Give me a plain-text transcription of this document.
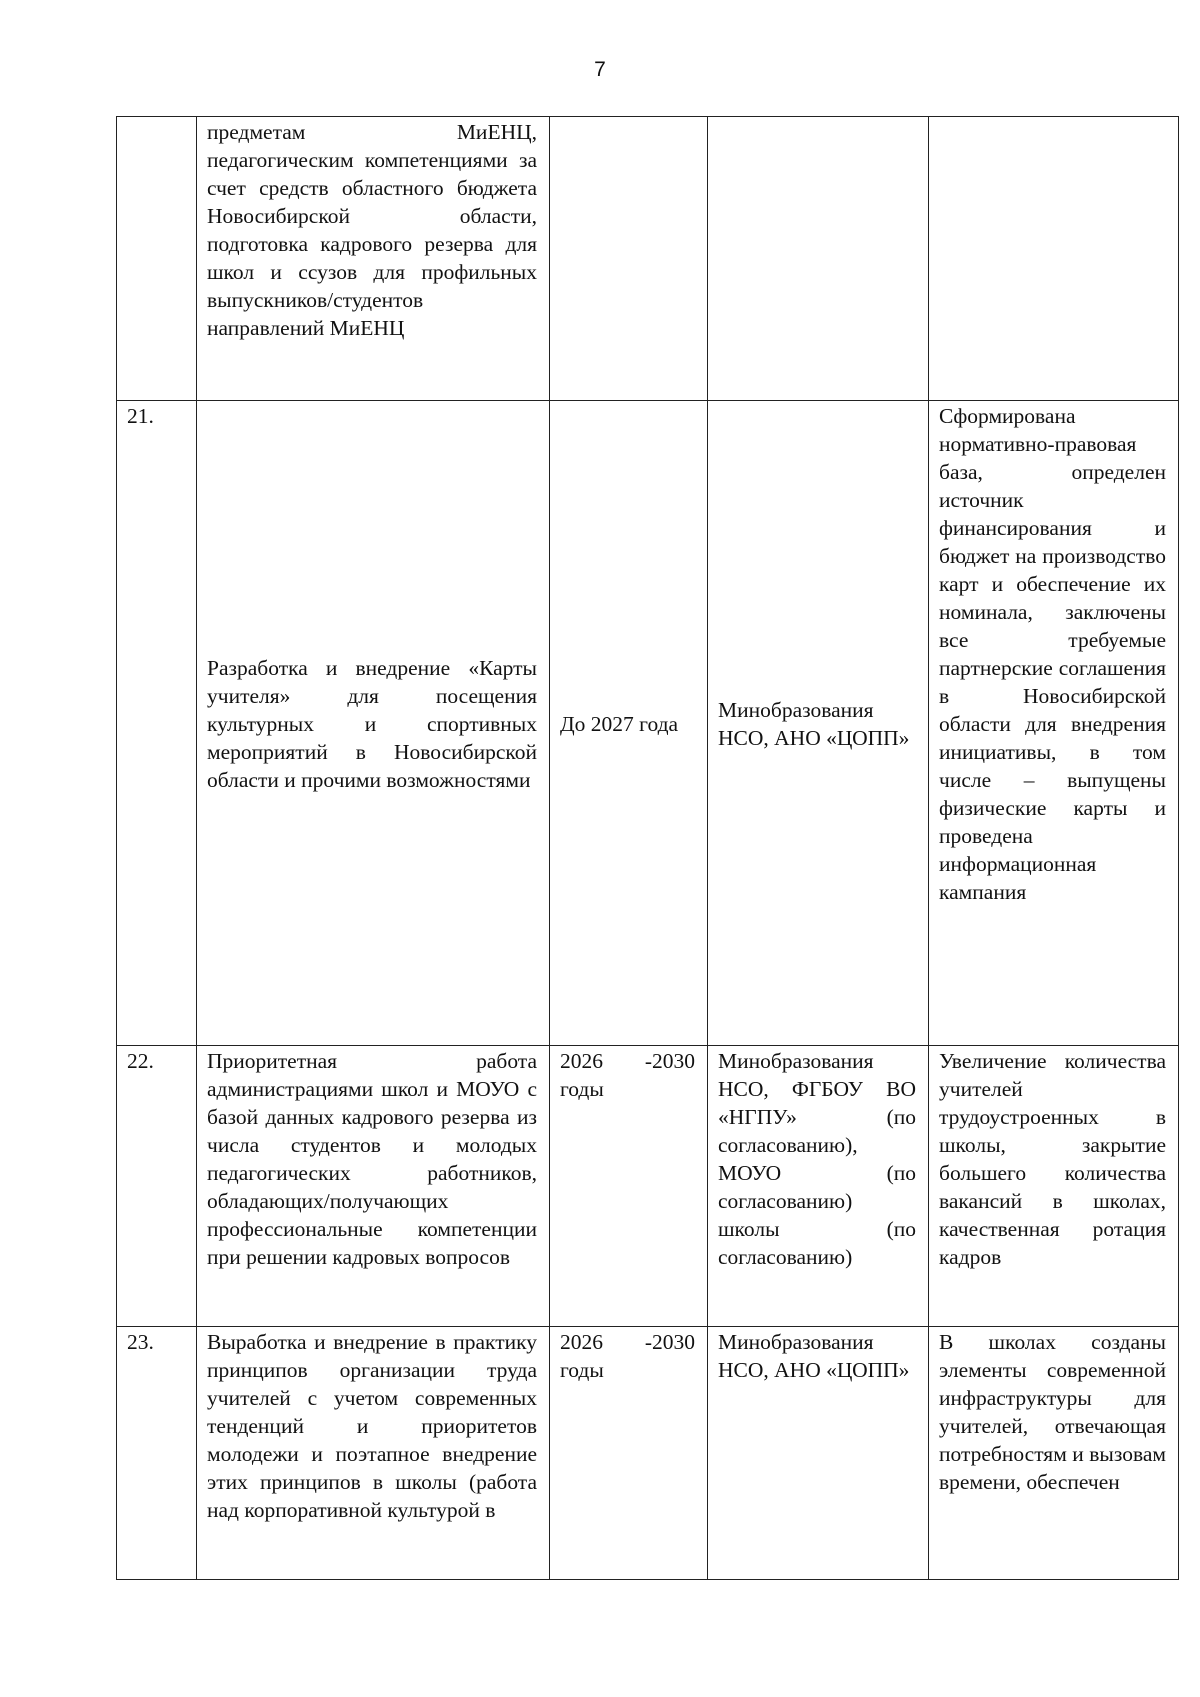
7
	предметам МиЕНЦ, педагогическим компетенциями за счет средств областного бюджета Новосибирской области, подготовка кадрового резерва для школ и ссузов для профильных выпускников/студентов направлений МиЕНЦ			
21.	Разработка и внедрение «Карты учителя» для посещения культурных и спортивных мероприятий в Новосибирской области и прочими возможностями	До 2027 года	Минобразования НСО, АНО «ЦОПП»	Сформирована нормативно-правовая база, определен источник финансирования и бюджет на производство карт и обеспечение их номинала, заключены все требуемые партнерские соглашения в Новосибирской области для внедрения инициативы, в том числе – выпущены физические карты и проведена информационная кампания
22.	Приоритетная работа администрациями школ и МОУО с базой данных кадрового резерва из числа студентов и молодых педагогических работников, обладающих/получающих профессиональные компетенции при решении кадровых вопросов	2026 -2030 годы	Минобразования НСО, ФГБОУ ВО «НГПУ» (по согласованию), МОУО (по согласованию) школы (по согласованию)	Увеличение количества учителей трудоустроенных в школы, закрытие большего количества вакансий в школах, качественная ротация кадров
23.	Выработка и внедрение в практику принципов организации труда учителей с учетом современных тенденций и приоритетов молодежи и поэтапное внедрение этих принципов в школы (работа над корпоративной культурой в	2026 -2030 годы	Минобразования НСО, АНО «ЦОПП»	В школах созданы элементы современной инфраструктуры для учителей, отвечающая потребностям и вызовам времени, обеспечен
